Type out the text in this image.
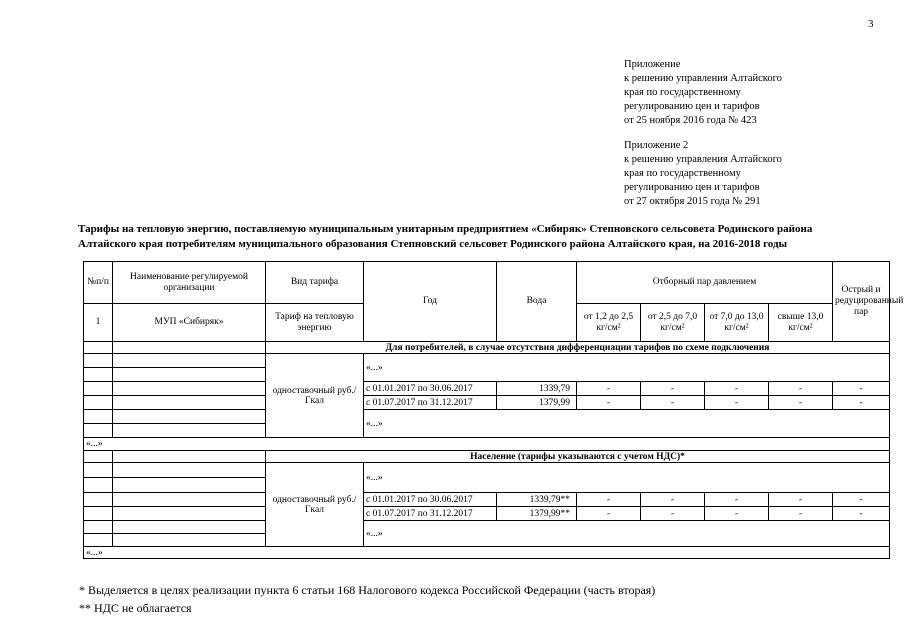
3
Приложение
к решению управления Алтайского
края по государственному
регулированию цен и тарифов
от 25 ноября 2016 года № 423
Приложение 2
к решению управления Алтайского
края по государственному
регулированию цен и тарифов
от 27 октября 2015 года № 291
Тарифы на тепловую энергию, поставляемую муниципальным унитарным предприятием «Сибиряк» Степновского сельсовета Родинского района
Алтайского края потребителям муниципального образования Степновский сельсовет Родинского района Алтайского края, на 2016-2018 годы
№п/п	Наименование регулируемой организации	Вид тарифа	Год	Вода	Отборный пар давлением				Острый и редуцированный пар
1	МУП «Сибиряк»	Тариф на тепловую энергию			от 1,2 до 2,5 кг/см²	от 2,5 до 7,0 кг/см²	от 7,0 до 13,0 кг/см²	свыше 13,0 кг/см²	
		Для потребителей, в случае отсутствия дифференциации тарифов по схеме подключения							
		одноставочный руб./Гкал	«...»						

			с 01.01.2017 по 30.06.2017	1339,79	-	-	-	-	-
			с 01.07.2017 по 31.12.2017	1379,99	-	-	-	-	-
			«...»						

«...»									
		Население (тарифы указываются с учетом НДС)*							
		одноставочный руб./Гкал	«...»						

			с 01.01.2017 по 30.06.2017	1339,79**	-	-	-	-	-
			с 01.07.2017 по 31.12.2017	1379,99**	-	-	-	-	-
			«...»						

«...»									
* Выделяется в целях реализации пункта 6 статьи 168 Налогового кодекса Российской Федерации (часть вторая)
** НДС не облагается
